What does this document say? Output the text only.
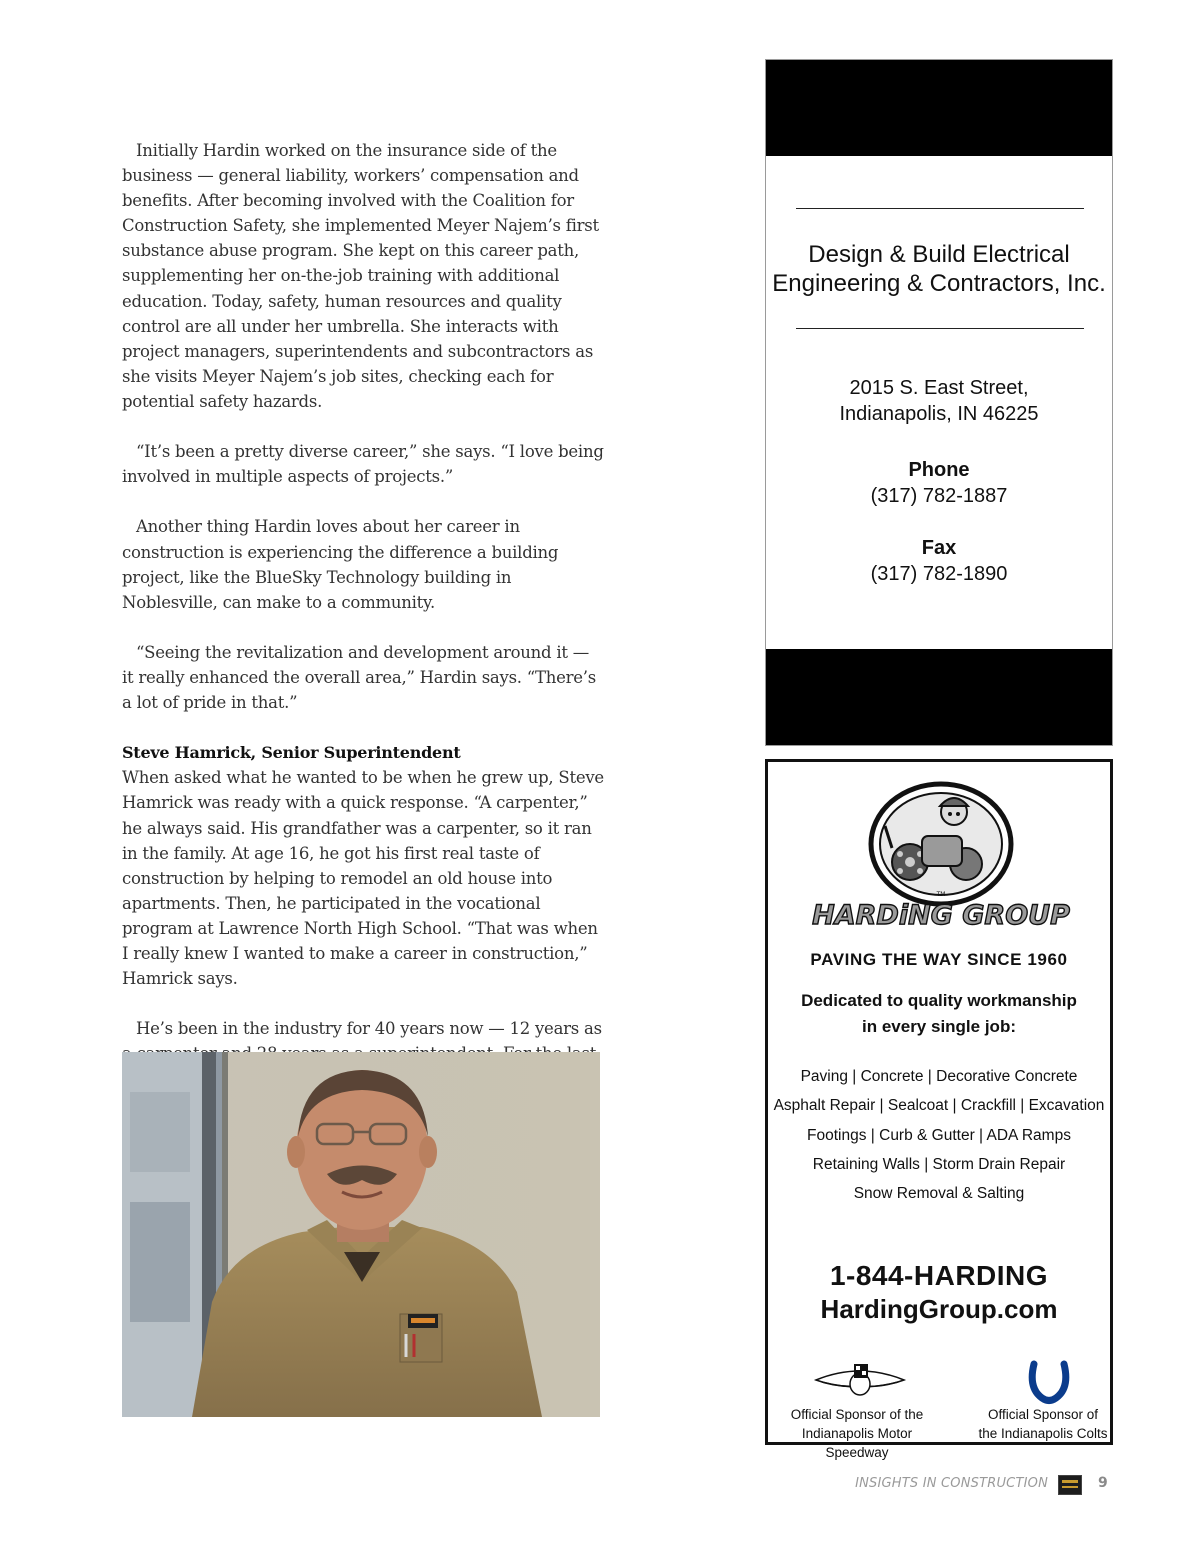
Initially Hardin worked on the insurance side of the business — general liability, workers’ compensation and benefits. After becoming involved with the Coalition for Construction Safety, she implemented Meyer Najem’s first substance abuse program. She kept on this career path, supplementing her on-the-job training with additional education. Today, safety, human resources and quality control are all under her umbrella. She interacts with project managers, superintendents and subcontractors as she visits Meyer Najem’s job sites, checking each for potential safety hazards.

“It’s been a pretty diverse career,” she says. “I love being involved in multiple aspects of projects.”

Another thing Hardin loves about her career in construction is experiencing the difference a building project, like the BlueSky Technology building in Noblesville, can make to a community.

“Seeing the revitalization and development around it — it really enhanced the overall area,” Hardin says. “There’s a lot of pride in that.”

Steve Hamrick, Senior Superintendent

When asked what he wanted to be when he grew up, Steve Hamrick was ready with a quick response. “A carpenter,” he always said. His grandfather was a carpenter, so it ran in the family. At age 16, he got his first real taste of construction by helping to remodel an old house into apartments. Then, he participated in the vocational program at Lawrence North High School. “That was when I really knew I wanted to make a career in construction,” Hamrick says.

He’s been in the industry for 40 years now — 12 years as

Design & Build Electrical
Engineering & Contractors, Inc.
2015 S. East Street,
Indianapolis, IN 46225
Phone
(317) 782-1887
Fax
(317) 782-1890
TM
HARDiNG GROUP
PAVING THE WAY SINCE 1960
Dedicated to quality workmanship
in every single job:
Paving | Concrete | Decorative Concrete
Asphalt Repair | Sealcoat | Crackfill | Excavation
Footings | Curb & Gutter | ADA Ramps
Retaining Walls | Storm Drain Repair
Snow Removal & Salting
1-844-HARDING
HardingGroup.com
Official Sponsor of the
Indianapolis Motor Speedway
Official Sponsor of
the Indianapolis Colts
INSIGHTS IN CONSTRUCTION	9
